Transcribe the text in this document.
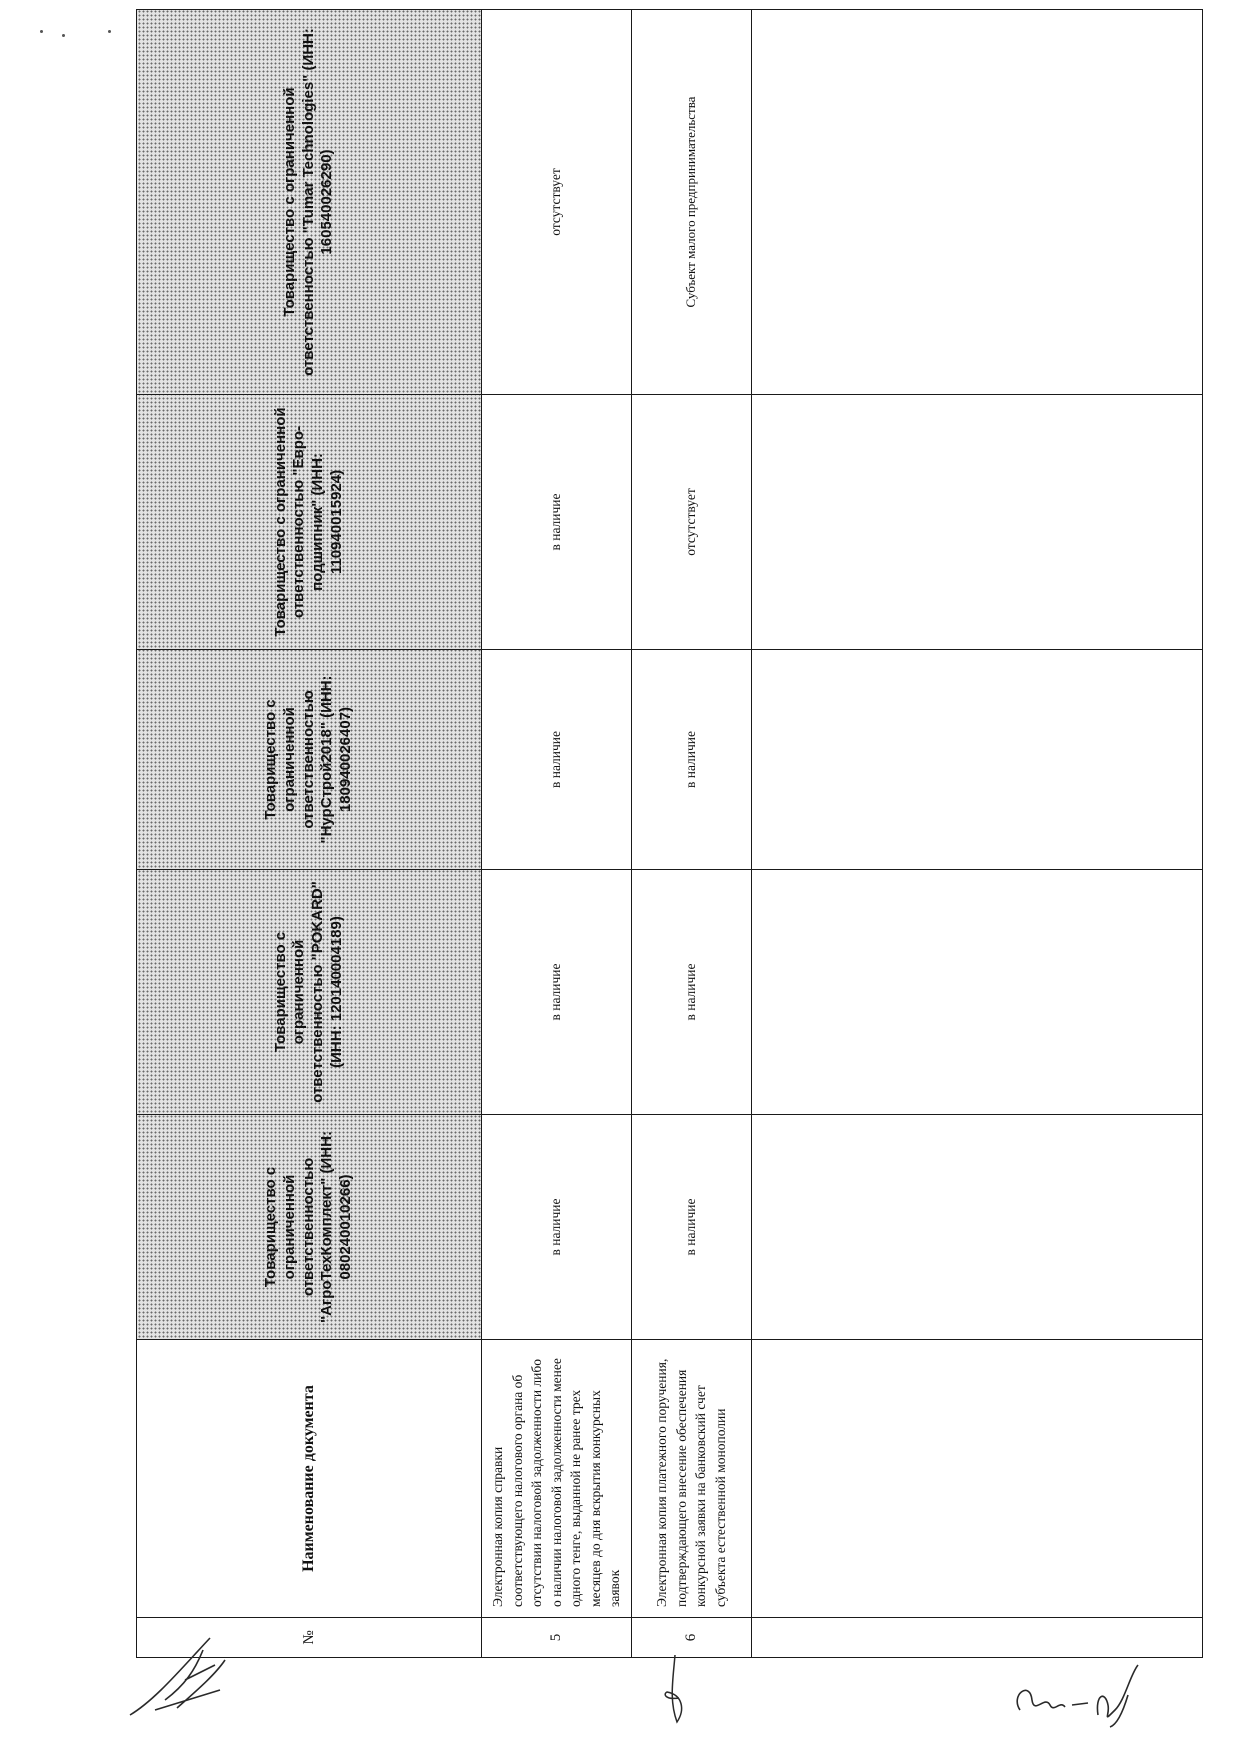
№	Наименование документа	Товарищество с ограниченной ответственностью "АгроТехКомплект" (ИНН: 080240010266)	Товарищество с ограниченной ответственностью "POKARD" (ИНН: 120140004189)	Товарищество с ограниченной ответственностью "НурСтрой2018" (ИНН: 180940026407)	Товарищество с ограниченной ответственностью "Евро-подшипник" (ИНН: 110940015924)	Товарищество с ограниченной ответственностью "Tumar Technologies" (ИНН: 160540026290)
5	Электронная копия справки соответствующего налогового органа об отсутствии налоговой задолженности либо о наличии налоговой задолженности менее одного тенге, выданной не ранее трех месяцев до дня вскрытия конкурсных заявок	в наличие	в наличие	в наличие	в наличие	отсутствует
6	Электронная копия платежного поручения, подтверждающего внесение обеспечения конкурсной заявки на банковский счет субъекта естественной монополии	в наличие	в наличие	в наличие	отсутствует	Субъект малого предпринимательства
